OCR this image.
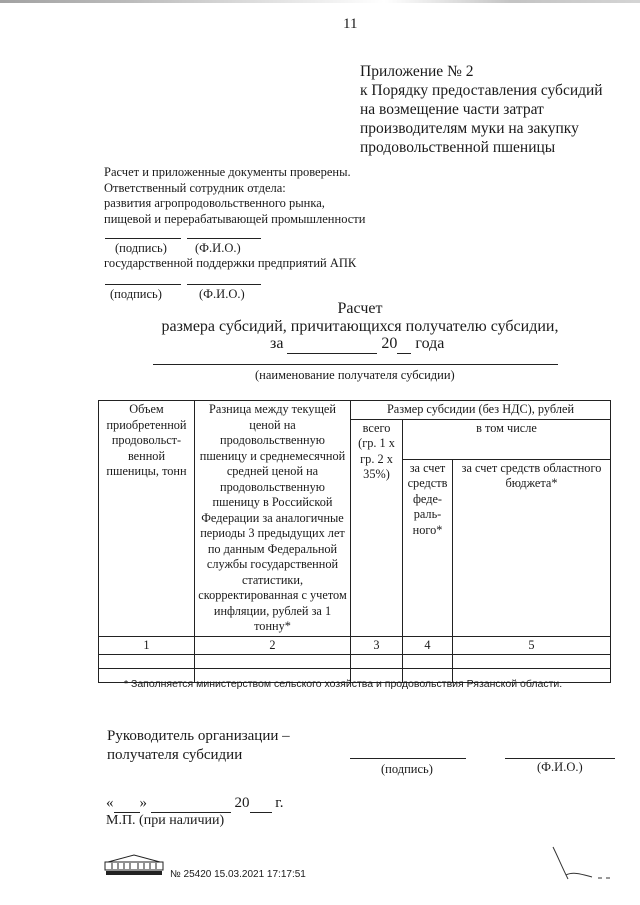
11
Приложение № 2
к Порядку предоставления субсидий
на возмещение части затрат
производителям муки на закупку
продовольственной пшеницы
Расчет и приложенные документы проверены.
Ответственный сотрудник отдела:
развития агропродовольственного рынка,
пищевой и перерабатывающей промышленности
(подпись) (Ф.И.О.)
государственной поддержки предприятий АПК
(подпись)	(Ф.И.О.)
Расчет
размера субсидий, причитающихся получателю субсидии,
за	20 года
(наименование получателя субсидии)
Объем приобретенной продовольст-венной пшеницы, тонн	Разница между текущей ценой на продовольственную пшеницу и среднемесячной средней ценой на продовольственную пшеницу в Российской Федерации за аналогичные периоды 3 предыдущих лет по данным Федеральной службы государственной статистики, скорректированная с учетом инфляции, рублей за 1 тонну*	Размер субсидии (без НДС), рублей		
		всего (гр. 1 х гр. 2 х 35%)	в том числе	
			за счет средств феде-раль-ного*	за счет средств областного бюджета*
1	2	3	4	5

* Заполняется министерством сельского хозяйства и продовольствия Рязанской области.
Руководитель организации –
получателя субсидии
(подпись)	(Ф.И.О.)
« »	20 г.
М.П. (при наличии)
№ 25420 15.03.2021 17:17:51
